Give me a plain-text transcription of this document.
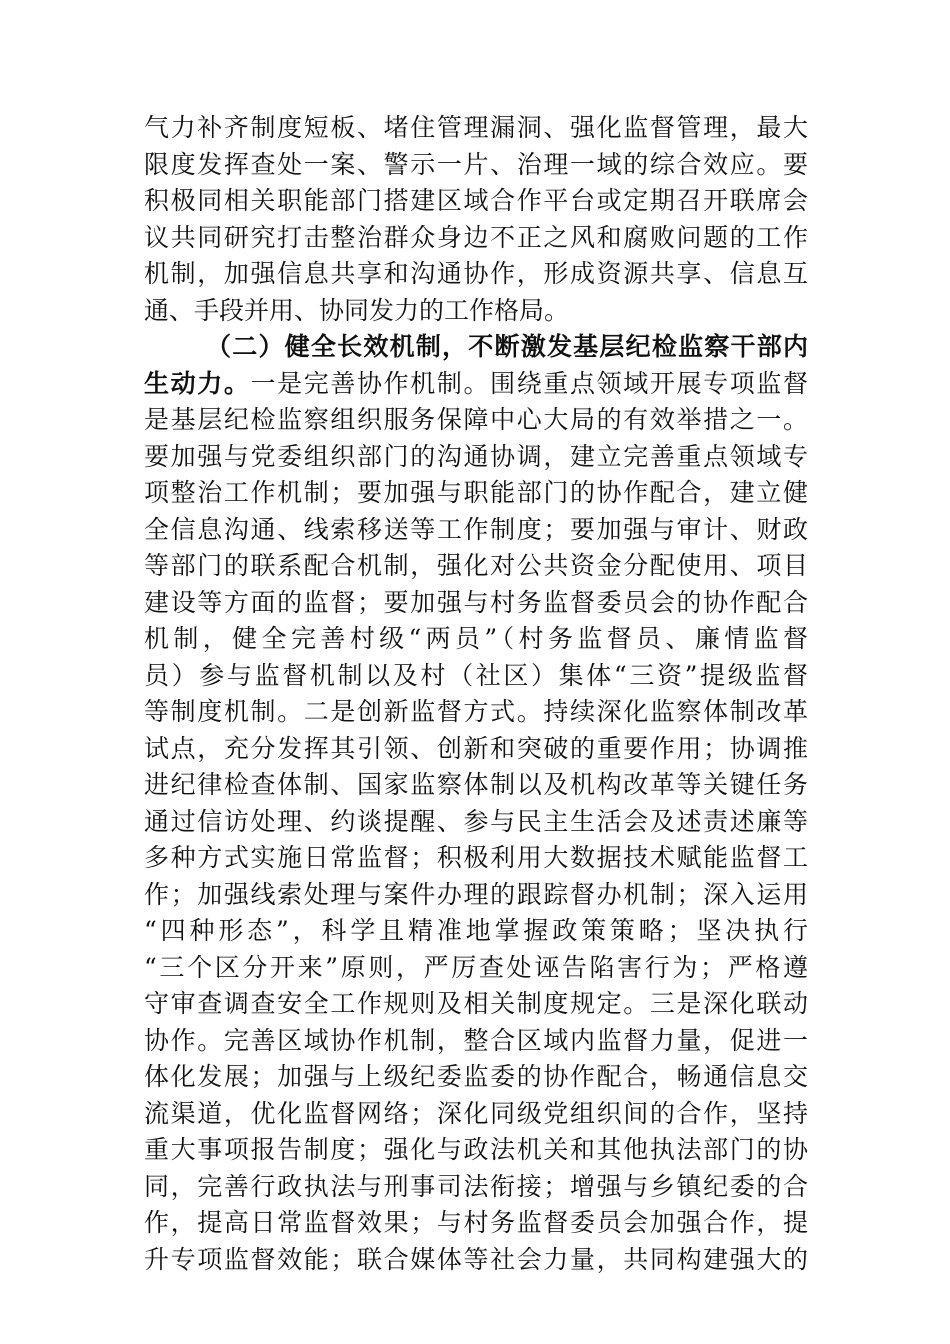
气力补齐制度短板、堵住管理漏洞、强化监督管理，最大
限度发挥查处一案、警示一片、治理一域的综合效应。要
积极同相关职能部门搭建区域合作平台或定期召开联席会
议共同研究打击整治群众身边不正之风和腐败问题的工作
机制，加强信息共享和沟通协作，形成资源共享、信息互
通、手段并用、协同发力的工作格局。
（二）健全长效机制，不断激发基层纪检监察干部内
生动力。一是完善协作机制。围绕重点领域开展专项监督
是基层纪检监察组织服务保障中心大局的有效举措之一。
要加强与党委组织部门的沟通协调，建立完善重点领域专
项整治工作机制；要加强与职能部门的协作配合，建立健
全信息沟通、线索移送等工作制度；要加强与审计、财政
等部门的联系配合机制，强化对公共资金分配使用、项目
建设等方面的监督；要加强与村务监督委员会的协作配合
机制，健全完善村级“两员”（村务监督员、廉情监督
员）参与监督机制以及村（社区）集体“三资”提级监督
等制度机制。二是创新监督方式。持续深化监察体制改革
试点，充分发挥其引领、创新和突破的重要作用；协调推
进纪律检查体制、国家监察体制以及机构改革等关键任务
通过信访处理、约谈提醒、参与民主生活会及述责述廉等
多种方式实施日常监督；积极利用大数据技术赋能监督工
作；加强线索处理与案件办理的跟踪督办机制；深入运用
“四种形态”，科学且精准地掌握政策策略；坚决执行
“三个区分开来”原则，严厉查处诬告陷害行为；严格遵
守审查调查安全工作规则及相关制度规定。三是深化联动
协作。完善区域协作机制，整合区域内监督力量，促进一
体化发展；加强与上级纪委监委的协作配合，畅通信息交
流渠道，优化监督网络；深化同级党组织间的合作，坚持
重大事项报告制度；强化与政法机关和其他执法部门的协
同，完善行政执法与刑事司法衔接；增强与乡镇纪委的合
作，提高日常监督效果；与村务监督委员会加强合作，提
升专项监督效能；联合媒体等社会力量，共同构建强大的
